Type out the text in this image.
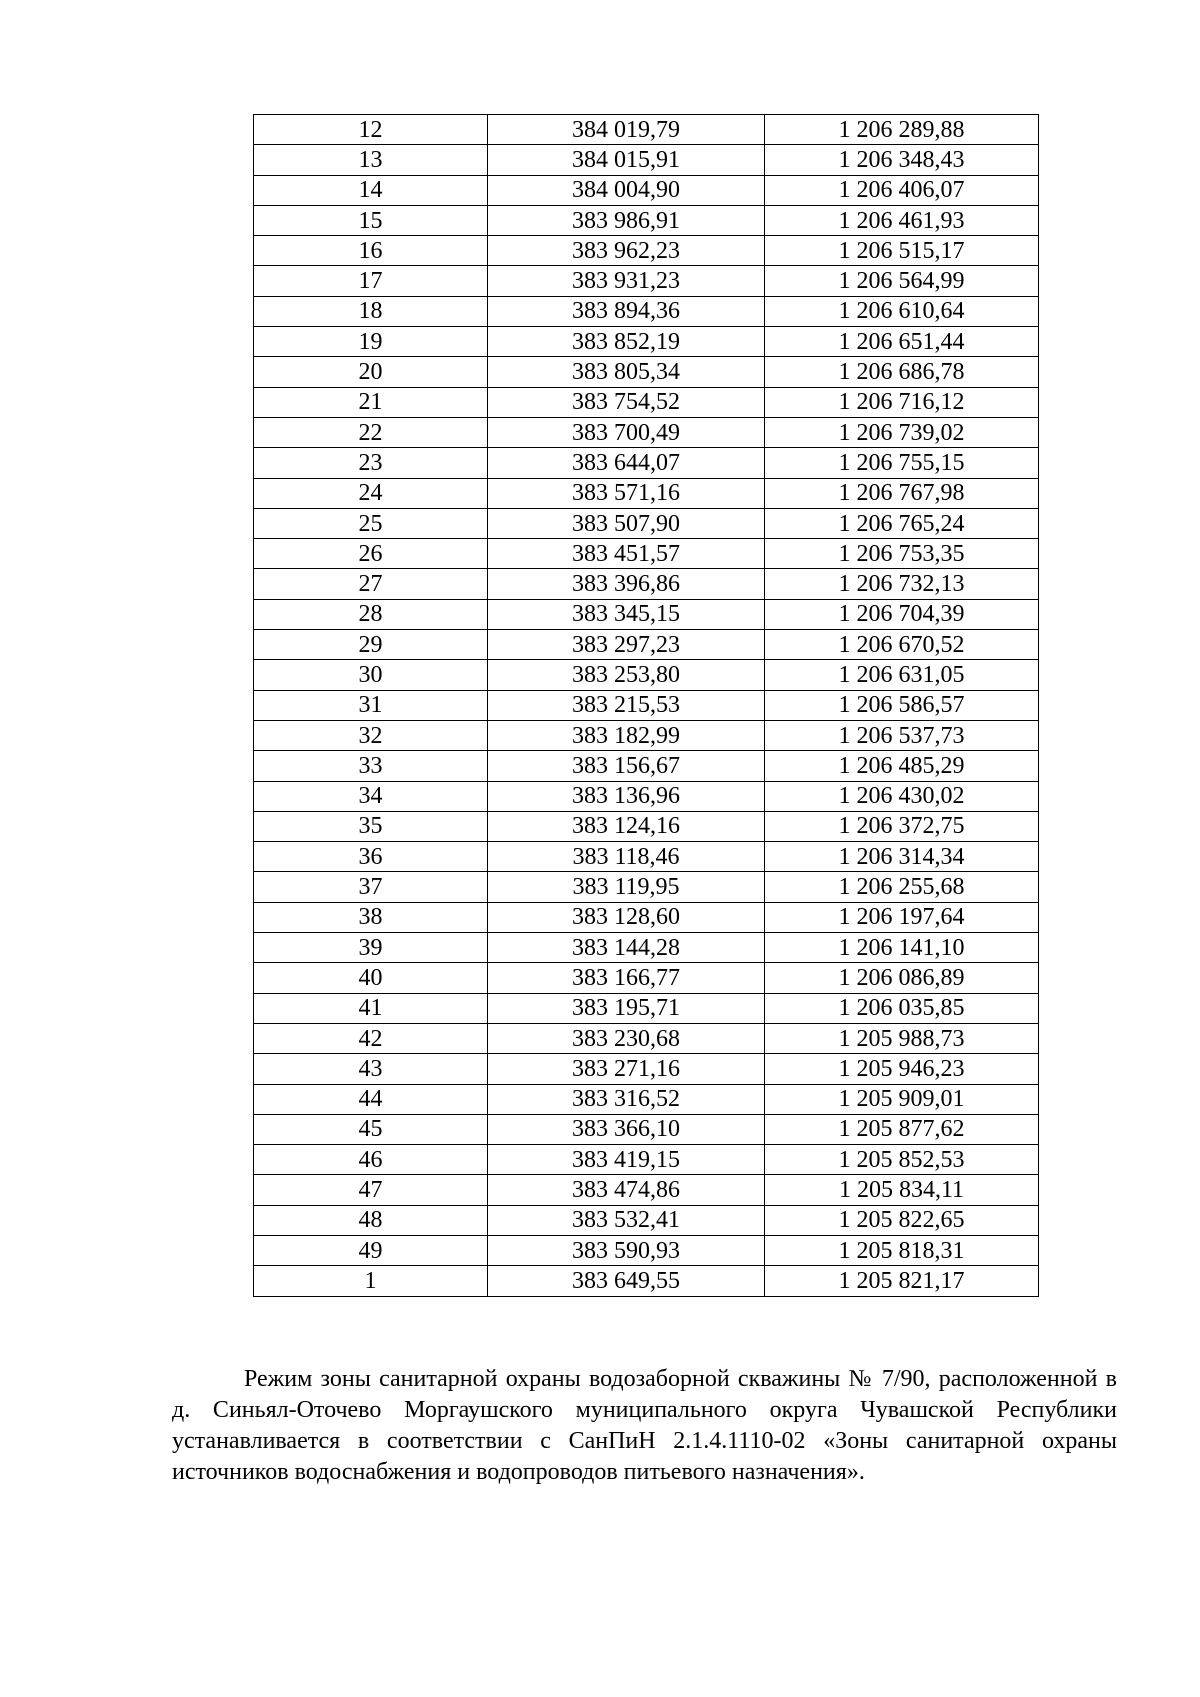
12	384 019,79	1 206 289,88
13	384 015,91	1 206 348,43
14	384 004,90	1 206 406,07
15	383 986,91	1 206 461,93
16	383 962,23	1 206 515,17
17	383 931,23	1 206 564,99
18	383 894,36	1 206 610,64
19	383 852,19	1 206 651,44
20	383 805,34	1 206 686,78
21	383 754,52	1 206 716,12
22	383 700,49	1 206 739,02
23	383 644,07	1 206 755,15
24	383 571,16	1 206 767,98
25	383 507,90	1 206 765,24
26	383 451,57	1 206 753,35
27	383 396,86	1 206 732,13
28	383 345,15	1 206 704,39
29	383 297,23	1 206 670,52
30	383 253,80	1 206 631,05
31	383 215,53	1 206 586,57
32	383 182,99	1 206 537,73
33	383 156,67	1 206 485,29
34	383 136,96	1 206 430,02
35	383 124,16	1 206 372,75
36	383 118,46	1 206 314,34
37	383 119,95	1 206 255,68
38	383 128,60	1 206 197,64
39	383 144,28	1 206 141,10
40	383 166,77	1 206 086,89
41	383 195,71	1 206 035,85
42	383 230,68	1 205 988,73
43	383 271,16	1 205 946,23
44	383 316,52	1 205 909,01
45	383 366,10	1 205 877,62
46	383 419,15	1 205 852,53
47	383 474,86	1 205 834,11
48	383 532,41	1 205 822,65
49	383 590,93	1 205 818,31
1	383 649,55	1 205 821,17

Режим зоны санитарной охраны водозаборной скважины № 7/90, расположенной в д. Синьял-Оточево Моргаушского муниципального округа Чувашской Республики устанавливается в соответствии с СанПиН 2.1.4.1110-02 «Зоны санитарной охраны источников водоснабжения и водопроводов питьевого назначения».
